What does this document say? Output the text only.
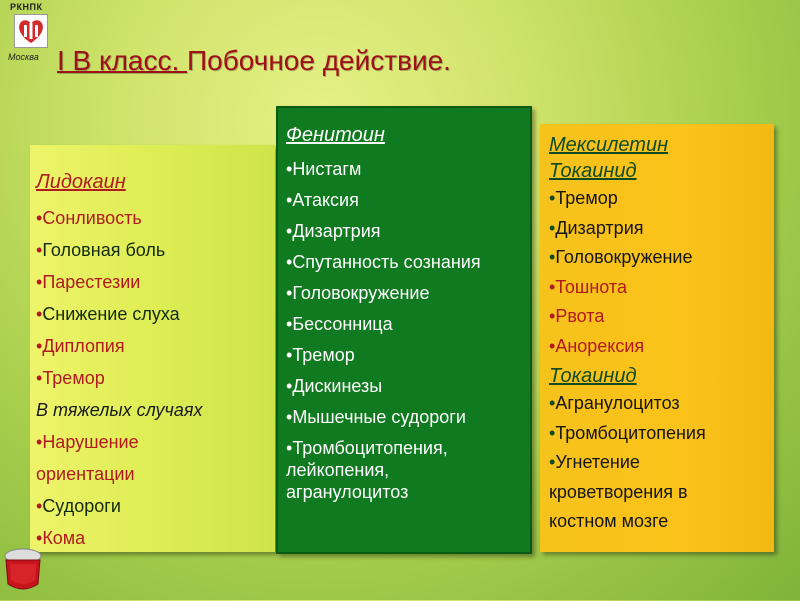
РКНПК
Москва I В класс. Побочное действие.
Лидокаин
•Сонливость
•Головная боль
•Парестезии
•Снижение слуха
•Диплопия
•Тремор
В тяжелых случаях
•Нарушение
ориентации
•Судороги
•Кома
Фенитоин
•Нистагм
•Атаксия
•Дизартрия
•Спутанность сознания
•Головокружение
•Бессонница
•Тремор
•Дискинезы
•Мышечные судороги
•Тромбоцитопения,
лейкопения,
агранулоцитоз
Мексилетин
Токаинид
•Тремор
•Дизартрия
•Головокружение
•Тошнота
•Рвота
•Анорексия
Токаинид
•Агранулоцитоз
•Тромбоцитопения
•Угнетение
кроветворения в
костном мозге
